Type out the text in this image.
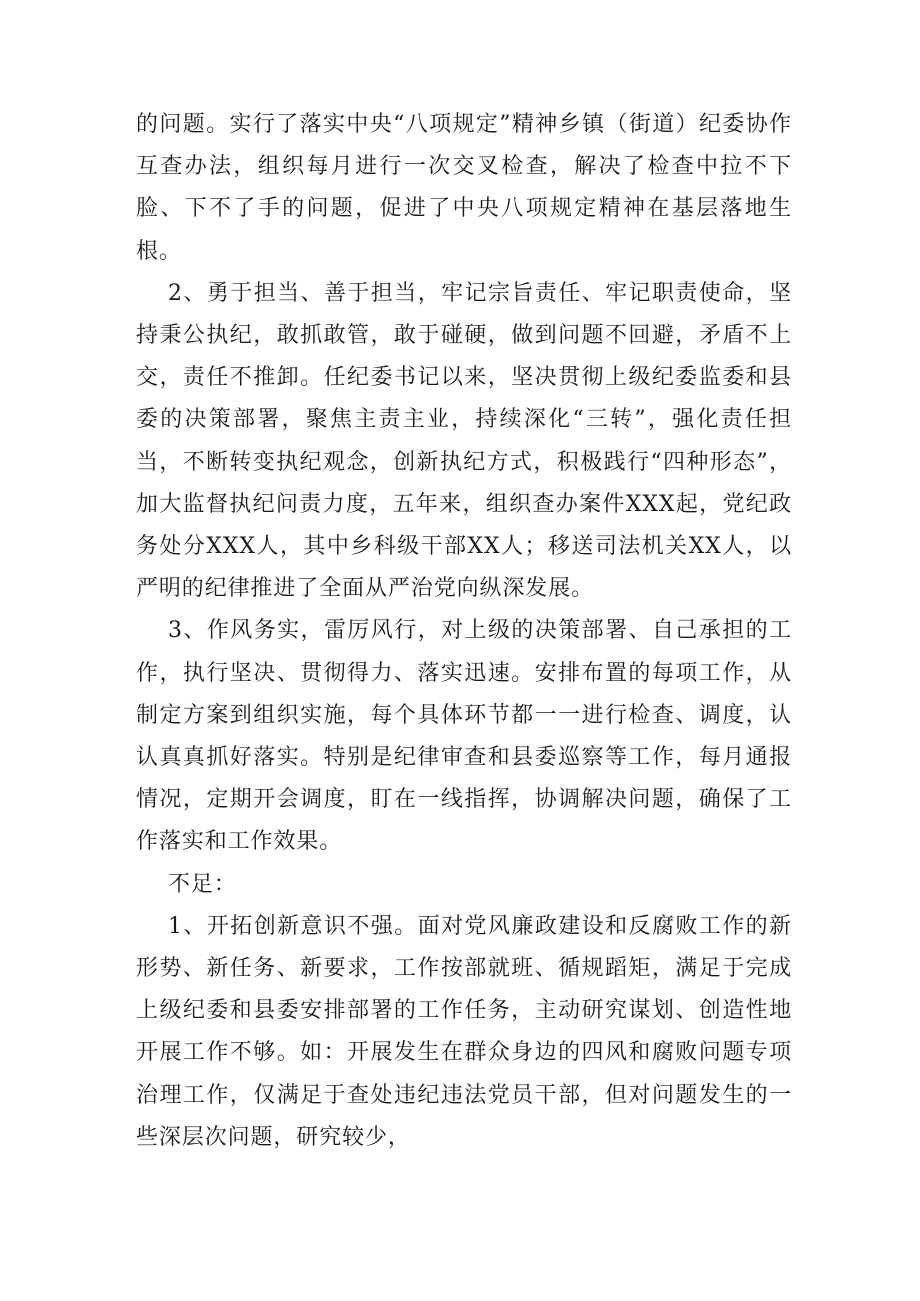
的问题。实行了落实中央“八项规定”精神乡镇（街道）纪委协作互查办法，组织每月进行一次交叉检查，解决了检查中拉不下脸、下不了手的问题，促进了中央八项规定精神在基层落地生根。

2、勇于担当、善于担当，牢记宗旨责任、牢记职责使命，坚持秉公执纪，敢抓敢管，敢于碰硬，做到问题不回避，矛盾不上交，责任不推卸。任纪委书记以来，坚决贯彻上级纪委监委和县委的决策部署，聚焦主责主业，持续深化“三转”，强化责任担当，不断转变执纪观念，创新执纪方式，积极践行“四种形态”，加大监督执纪问责力度，五年来，组织查办案件XXX起，党纪政务处分XXX人，其中乡科级干部XX人；移送司法机关XX人，以严明的纪律推进了全面从严治党向纵深发展。

3、作风务实，雷厉风行，对上级的决策部署、自己承担的工作，执行坚决、贯彻得力、落实迅速。安排布置的每项工作，从制定方案到组织实施，每个具体环节都一一进行检查、调度，认认真真抓好落实。特别是纪律审查和县委巡察等工作，每月通报情况，定期开会调度，盯在一线指挥，协调解决问题，确保了工作落实和工作效果。

不足：

1、开拓创新意识不强。面对党风廉政建设和反腐败工作的新形势、新任务、新要求，工作按部就班、循规蹈矩，满足于完成上级纪委和县委安排部署的工作任务，主动研究谋划、创造性地开展工作不够。如：开展发生在群众身边的四风和腐败问题专项治理工作，仅满足于查处违纪违法党员干部，但对问题发生的一些深层次问题，研究较少，
